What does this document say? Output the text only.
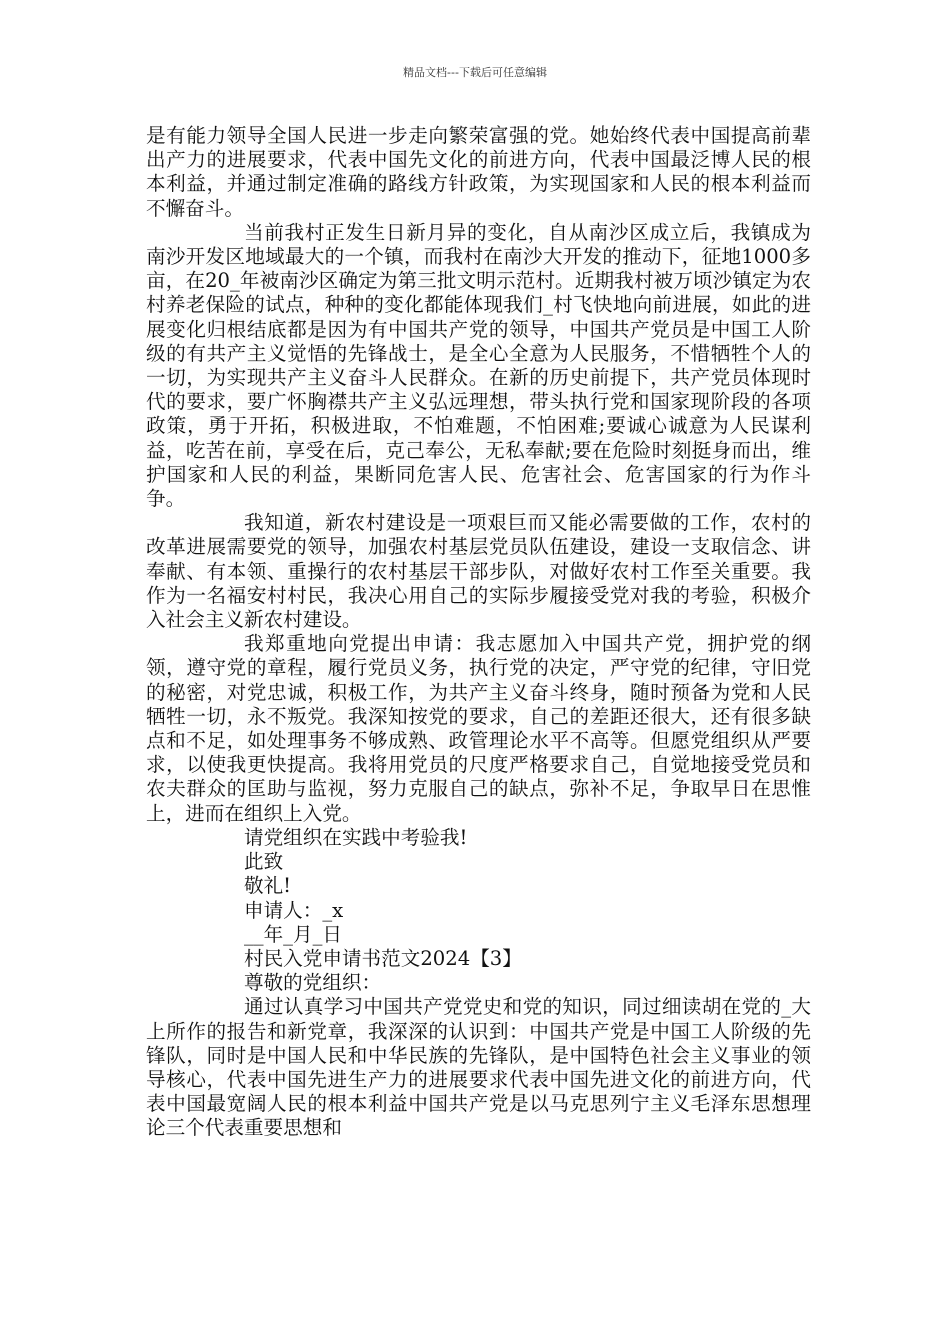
精品文档---下载后可任意编辑

是有能力领导全国人民进一步走向繁荣富强的党。她始终代表中国提高前辈出产力的进展要求，代表中国先文化的前进方向，代表中国最泛博人民的根本利益，并通过制定准确的路线方针政策，为实现国家和人民的根本利益而不懈奋斗。

当前我村正发生日新月异的变化，自从南沙区成立后，我镇成为南沙开发区地域最大的一个镇，而我村在南沙大开发的推动下，征地1000多亩，在20_年被南沙区确定为第三批文明示范村。近期我村被万顷沙镇定为农村养老保险的试点，种种的变化都能体现我们_村飞快地向前进展，如此的进展变化归根结底都是因为有中国共产党的领导，中国共产党员是中国工人阶级的有共产主义觉悟的先锋战士，是全心全意为人民服务，不惜牺牲个人的一切，为实现共产主义奋斗人民群众。在新的历史前提下，共产党员体现时代的要求，要广怀胸襟共产主义弘远理想，带头执行党和国家现阶段的各项政策，勇于开拓，积极进取，不怕难题，不怕困难;要诚心诚意为人民谋利益，吃苦在前，享受在后，克己奉公，无私奉献;要在危险时刻挺身而出，维护国家和人民的利益，果断同危害人民、危害社会、危害国家的行为作斗争。

我知道，新农村建设是一项艰巨而又能必需要做的工作，农村的改革进展需要党的领导，加强农村基层党员队伍建设，建设一支取信念、讲奉献、有本领、重操行的农村基层干部步队，对做好农村工作至关重要。我作为一名福安村村民，我决心用自己的实际步履接受党对我的考验，积极介入社会主义新农村建设。

我郑重地向党提出申请：我志愿加入中国共产党，拥护党的纲领，遵守党的章程，履行党员义务，执行党的决定，严守党的纪律，守旧党的秘密，对党忠诚，积极工作，为共产主义奋斗终身，随时预备为党和人民牺牲一切，永不叛党。我深知按党的要求，自己的差距还很大，还有很多缺点和不足，如处理事务不够成熟、政管理论水平不高等。但愿党组织从严要求，以使我更快提高。我将用党员的尺度严格要求自己，自觉地接受党员和农夫群众的匡助与监视，努力克服自己的缺点，弥补不足，争取早日在思惟上，进而在组织上入党。

请党组织在实践中考验我!

此致

敬礼!

申请人：_x

__年_月_日

村民入党申请书范文2024【3】

尊敬的党组织：

通过认真学习中国共产党党史和党的知识，同过细读胡在党的_大上所作的报告和新党章，我深深的认识到：中国共产党是中国工人阶级的先锋队，同时是中国人民和中华民族的先锋队，是中国特色社会主义事业的领导核心，代表中国先进生产力的进展要求代表中国先进文化的前进方向，代表中国最宽阔人民的根本利益中国共产党是以马克思列宁主义毛泽东思想理论三个代表重要思想和
